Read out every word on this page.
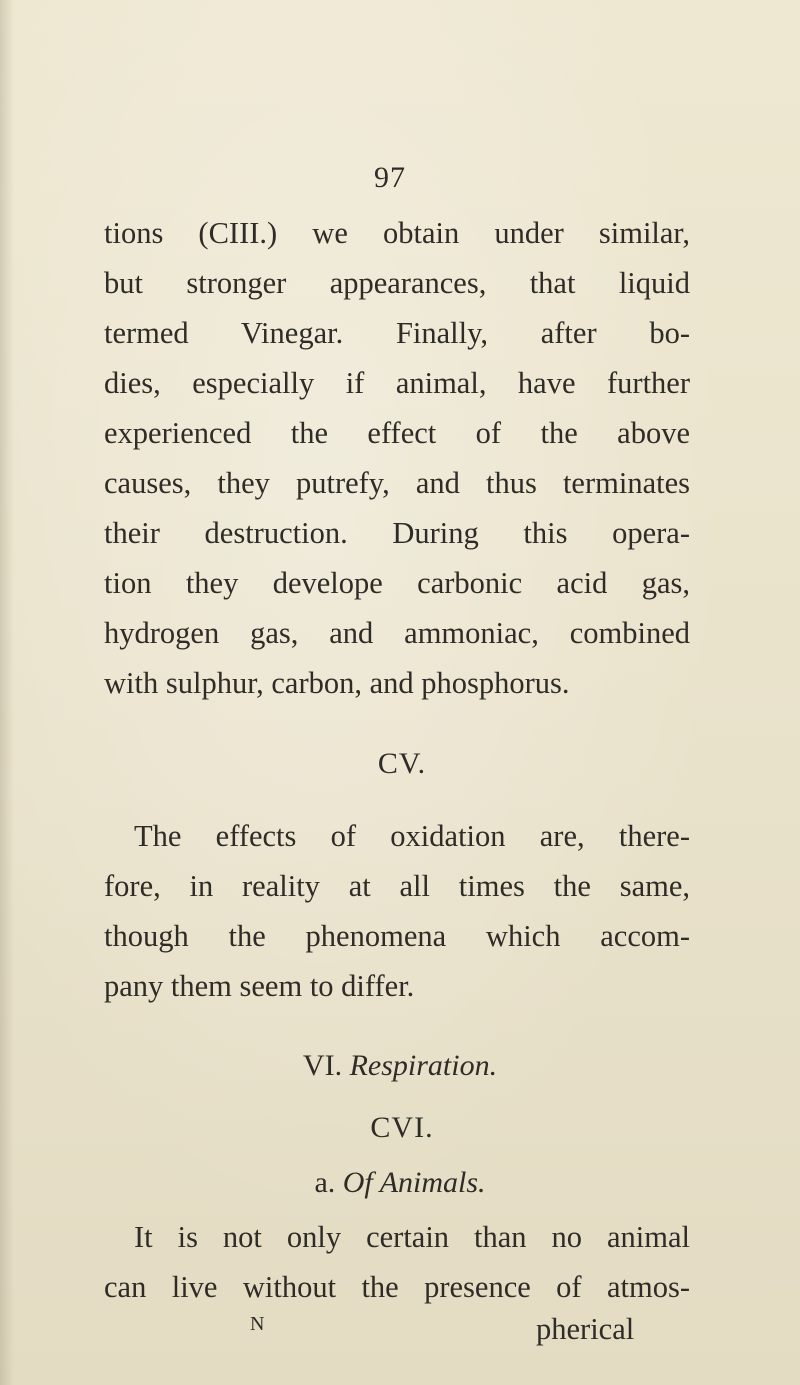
97
tions (CIII.) we obtain under similar,
but stronger appearances, that liquid
termed Vinegar. Finally, after bo-
dies, especially if animal, have further
experienced the effect of the above
causes, they putrefy, and thus terminates
their destruction. During this opera-
tion they develope carbonic acid gas,
hydrogen gas, and ammoniac, combined
with sulphur, carbon, and phosphorus.
CV.
The effects of oxidation are, there-
fore, in reality at all times the same,
though the phenomena which accom-
pany them seem to differ.
VI. Respiration.
CVI.
a. Of Animals.
It is not only certain than no animal
can live without the presence of atmos-
N	pherical
